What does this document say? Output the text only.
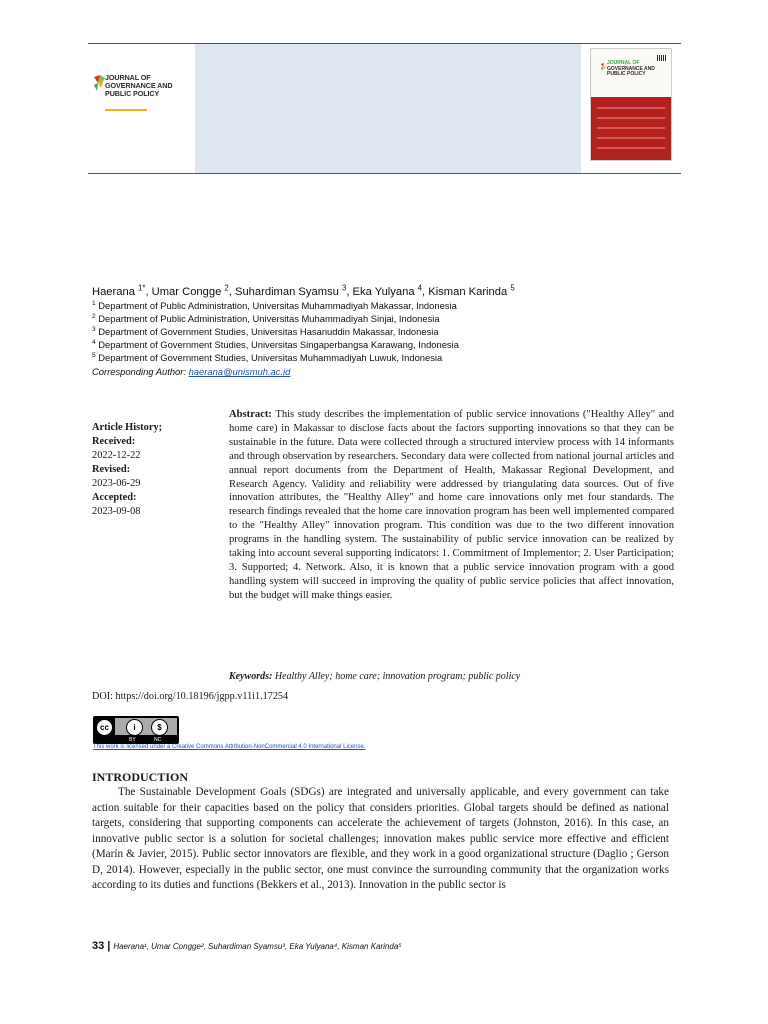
JOURNAL OF
GOVERNANCE AND
PUBLIC POLICY
JOURNAL OF
GOVERNANCE AND
PUBLIC POLICY
Haerana $^{1*}$, Umar Congge $^2$, Suhardiman Syamsu $^3$, Eka Yulyana $^4$, Kisman Karinda $^5$
$^1$ Department of Public Administration, Universitas Muhammadiyah Makassar, Indonesia
$^2$ Department of Public Administration, Universitas Muhammadiyah Sinjai, Indonesia
$^3$ Department of Government Studies, Universitas Hasanuddin Makassar, Indonesia
$^4$ Department of Government Studies, Universitas Singaperbangsa Karawang, Indonesia
$^5$ Department of Government Studies, Universitas Muhammadiyah Luwuk, Indonesia
Corresponding Author: haerana@unismuh.ac.id
Article History;
Received:
2022-12-22
Revised:
2023-06-29
Accepted:
2023-09-08
Abstract: This study describes the implementation of public service innovations ("Healthy Alley" and home care) in Makassar to disclose facts about the factors supporting innovations so that they can be sustainable in the future. Data were collected through a structured interview process with 14 informants and through observation by researchers. Secondary data were collected from national journal articles and annual report documents from the Department of Health, Makassar Regional Development, and Research Agency. Validity and reliability were addressed by triangulating data sources. Out of five innovation attributes, the "Healthy Alley" and home care innovations only met four standards. The research findings revealed that the home care innovation program has been well implemented compared to the "Healthy Alley" innovation program. This condition was due to the two different innovation programs in the handling system. The sustainability of public service innovation can be realized by taking into account several supporting indicators: 1. Commitment of Implementor; 2. User Participation; 3. Supported; 4. Network. Also, it is known that a public service innovation program with a good handling system will succeed in improving the quality of public service policies that affect innovation, but the budget will make things easier.
Keywords: Healthy Alley; home care; innovation program; public policy
DOI: https://doi.org/10.18196/jgpp.v11i1.17254
cc	i	$
BY	NC
This work is licensed under a Creative Commons Attribution-NonCommercial 4.0 International License.
INTRODUCTION
The Sustainable Development Goals (SDGs) are integrated and universally applicable, and every government can take action suitable for their capacities based on the policy that considers priorities. Global targets should be defined as national targets, considering that supporting components can accelerate the achievement of targets (Johnston, 2016). In this case, an innovative public sector is a solution for societal challenges; innovation makes public service more effective and efficient (Marín & Javier, 2015). Public sector innovators are flexible, and they work in a good organizational structure (Daglio ; Gerson D, 2014). However, especially in the public sector, one must convince the surrounding community that the organization works according to its duties and functions (Bekkers et al., 2013). Innovation in the public sector is
33 | Haerana¹, Umar Congge², Suhardiman Syamsu³, Eka Yulyana⁴, Kisman Karinda⁵
